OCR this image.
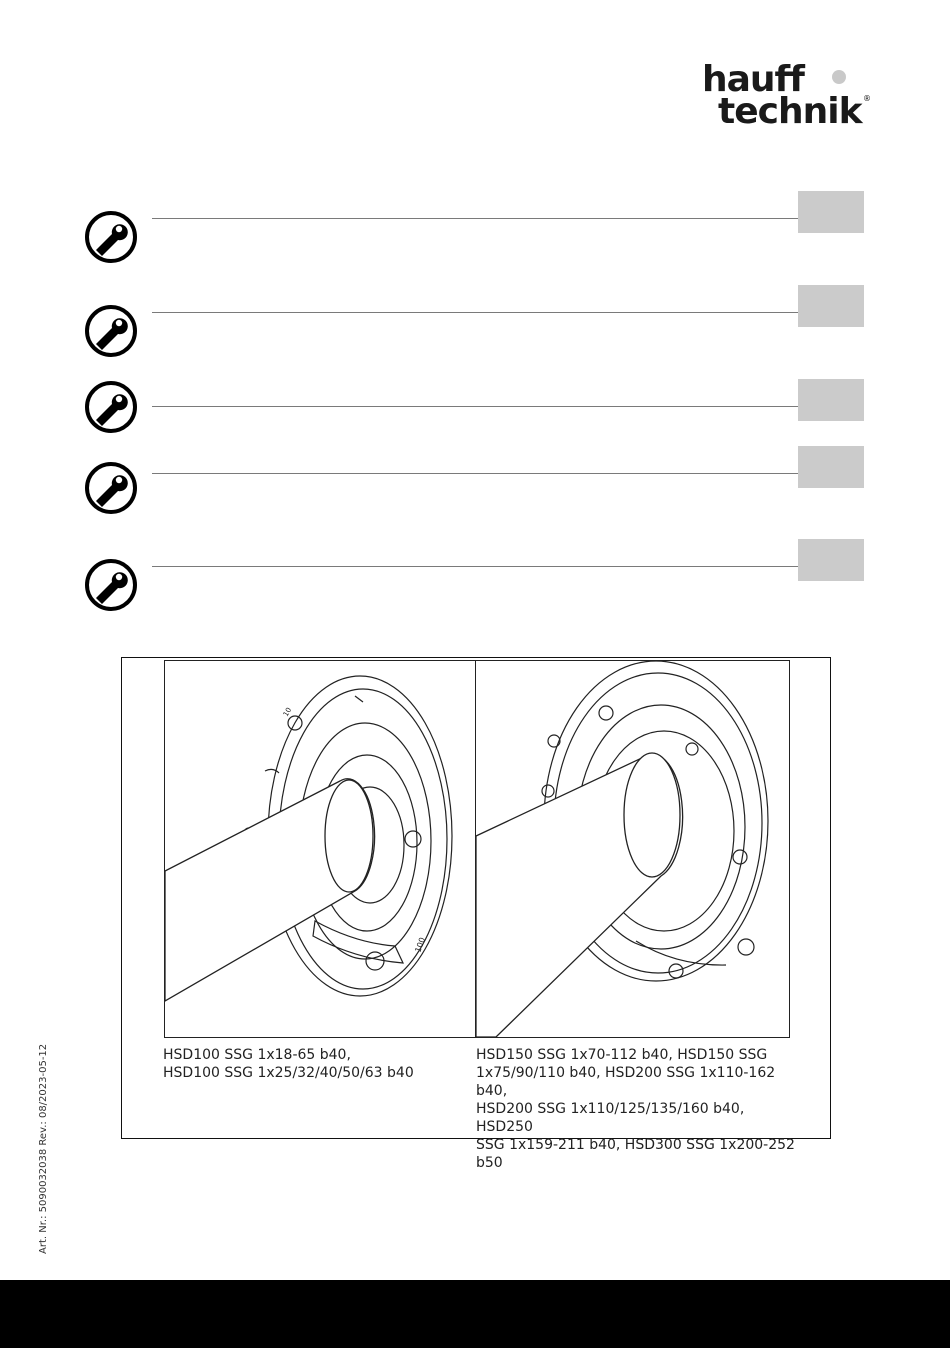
hauff
technik ®
100
10
HSD100 SSG 1x18-65 b40,
HSD100 SSG 1x25/32/40/50/63 b40
HSD150 SSG 1x70-112 b40, HSD150 SSG
1x75/90/110 b40, HSD200 SSG 1x110-162 b40,
HSD200 SSG 1x110/125/135/160 b40, HSD250
SSG 1x159-211 b40, HSD300 SSG 1x200-252 b50
Art. Nr.: 5090032038 Rev.: 08/2023-05-12
